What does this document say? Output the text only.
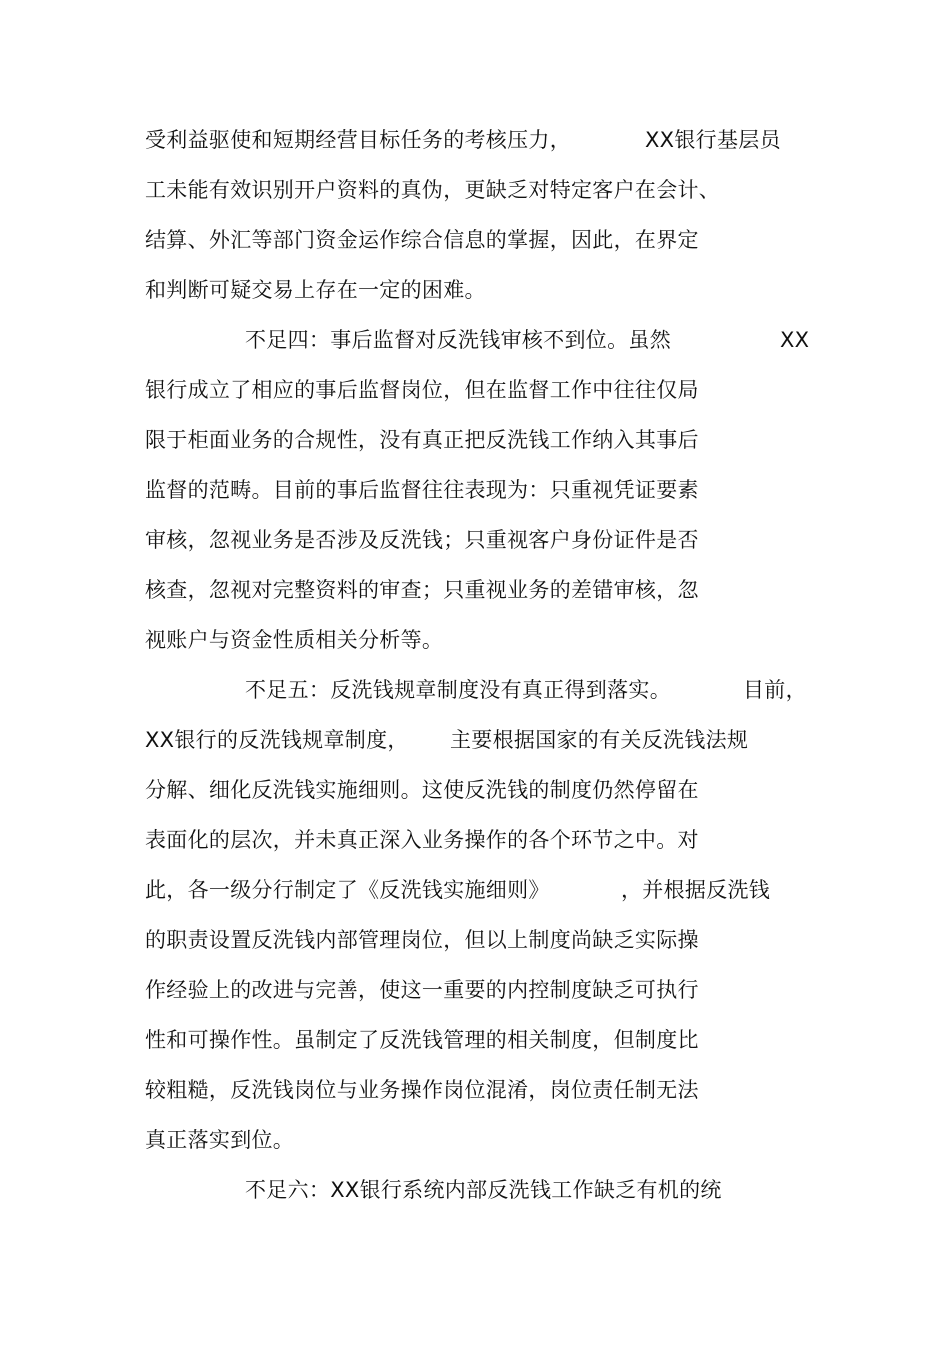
受利益驱使和短期经营目标任务的考核压力，

	XX银行基层员

工未能有效识别开户资料的真伪，更缺乏对特定客户在会计、
结算、外汇等部门资金运作综合信息的掌握，因此，在界定
和判断可疑交易上存在一定的困难。

不足四：事后监督对反洗钱审核不到位。虽然

	XX

银行成立了相应的事后监督岗位，但在监督工作中往往仅局
限于柜面业务的合规性，没有真正把反洗钱工作纳入其事后
监督的范畴。目前的事后监督往往表现为：只重视凭证要素
审核，忽视业务是否涉及反洗钱；只重视客户身份证件是否
核查，忽视对完整资料的审查；只重视业务的差错审核，忽
视账户与资金性质相关分析等。

不足五：反洗钱规章制度没有真正得到落实。

	目前，

XX银行的反洗钱规章制度，

主要根据国家的有关反洗钱法规

分解、细化反洗钱实施细则。这使反洗钱的制度仍然停留在
表面化的层次，并未真正深入业务操作的各个环节之中。对

此，各一级分行制定了《反洗钱实施细则》

	，并根据反洗钱

的职责设置反洗钱内部管理岗位，但以上制度尚缺乏实际操
作经验上的改进与完善，使这一重要的内控制度缺乏可执行
性和可操作性。虽制定了反洗钱管理的相关制度，但制度比
较粗糙，反洗钱岗位与业务操作岗位混淆，岗位责任制无法
真正落实到位。

不足六：XX银行系统内部反洗钱工作缺乏有机的统
